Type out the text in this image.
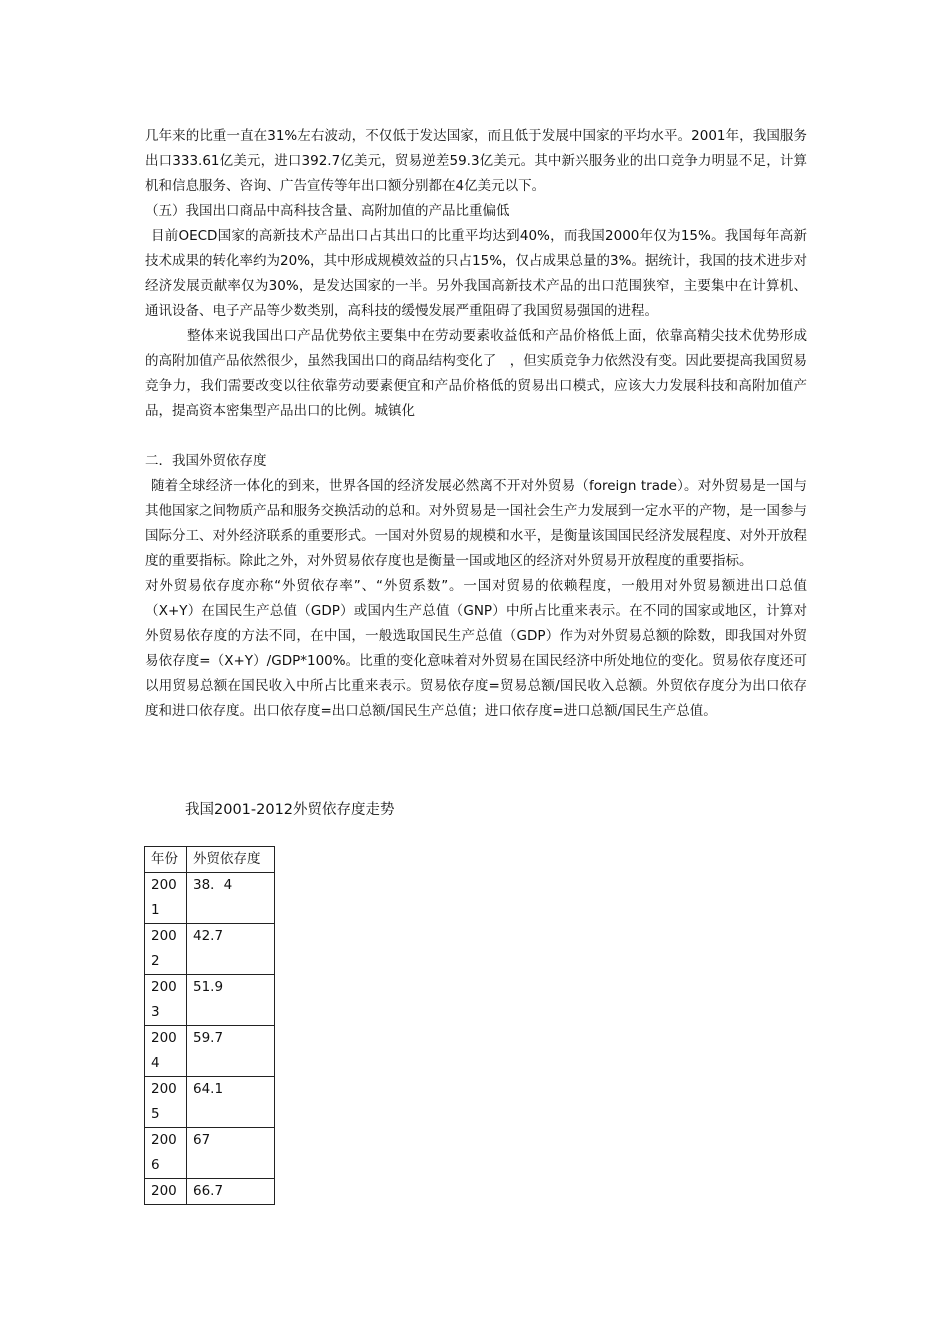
几年来的比重一直在31%左右波动，不仅低于发达国家，而且低于发展中国家的平均水平。2001年，我国服务出口333.61亿美元，进口392.7亿美元，贸易逆差59.3亿美元。其中新兴服务业的出口竞争力明显不足，计算机和信息服务、咨询、广告宣传等年出口额分别都在4亿美元以下。

（五）我国出口商品中高科技含量、高附加值的产品比重偏低

目前OECD国家的高新技术产品出口占其出口的比重平均达到40%，而我国2000年仅为15%。我国每年高新技术成果的转化率约为20%，其中形成规模效益的只占15%，仅占成果总量的3%。据统计，我国的技术进步对经济发展贡献率仅为30%，是发达国家的一半。另外我国高新技术产品的出口范围狭窄，主要集中在计算机、通讯设备、电子产品等少数类别，高科技的缓慢发展严重阻碍了我国贸易强国的进程。

整体来说我国出口产品优势依主要集中在劳动要素收益低和产品价格低上面，依靠高精尖技术优势形成的高附加值产品依然很少，虽然我国出口的商品结构变化了　，但实质竞争力依然没有变。因此要提高我国贸易竞争力，我们需要改变以往依靠劳动要素便宜和产品价格低的贸易出口模式，应该大力发展科技和高附加值产品，提高资本密集型产品出口的比例。城镇化

二．我国外贸依存度

随着全球经济一体化的到来，世界各国的经济发展必然离不开对外贸易（foreign trade）。对外贸易是一国与其他国家之间物质产品和服务交换活动的总和。对外贸易是一国社会生产力发展到一定水平的产物，是一国参与国际分工、对外经济联系的重要形式。一国对外贸易的规模和水平，是衡量该国国民经济发展程度、对外开放程度的重要指标。除此之外，对外贸易依存度也是衡量一国或地区的经济对外贸易开放程度的重要指标。

对外贸易依存度亦称“外贸依存率”、“外贸系数”。一国对贸易的依赖程度，一般用对外贸易额进出口总值（X+Y）在国民生产总值（GDP）或国内生产总值（GNP）中所占比重来表示。在不同的国家或地区，计算对外贸易依存度的方法不同，在中国，一般选取国民生产总值（GDP）作为对外贸易总额的除数，即我国对外贸易依存度=（X+Y）/GDP*100%。比重的变化意味着对外贸易在国民经济中所处地位的变化。贸易依存度还可以用贸易总额在国民收入中所占比重来表示。贸易依存度=贸易总额/国民收入总额。外贸依存度分为出口依存度和进口依存度。出口依存度=出口总额/国民生产总值；进口依存度=进口总额/国民生产总值。

我国2001-2012外贸依存度走势
年份	外贸依存度
2001	38．4
2002	42.7
2003	51.9
2004	59.7
2005	64.1
2006	67
200	66.7
